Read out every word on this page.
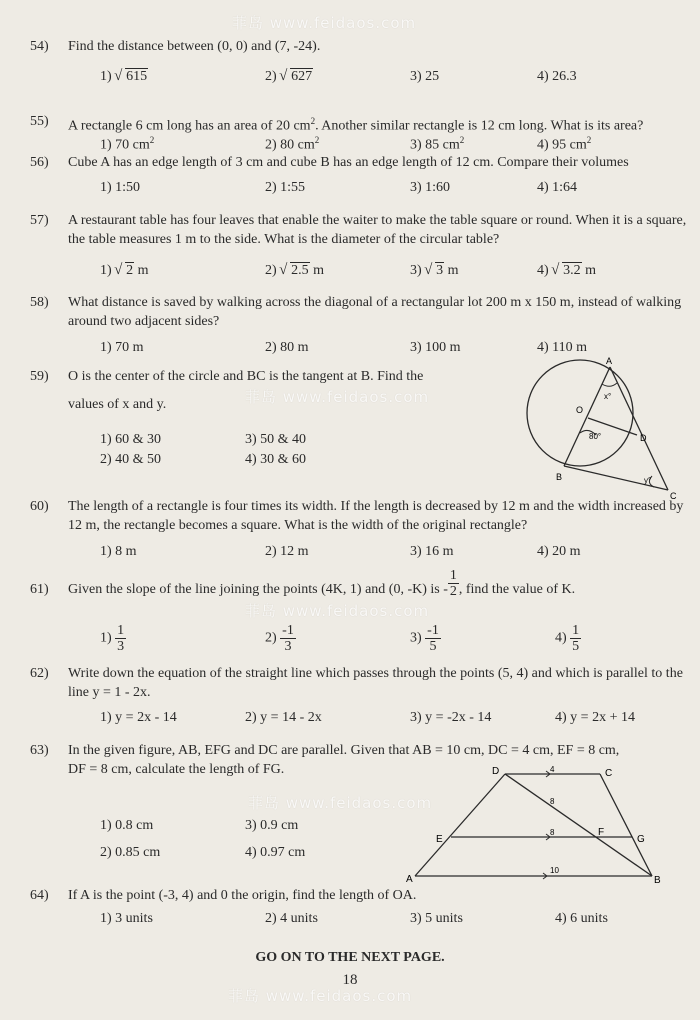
菲岛 www.feidaos.com
菲岛 www.feidaos.com
菲岛 www.feidaos.com
菲岛 www.feidaos.com
菲岛 www.feidaos.com
54) Find the distance between (0, 0) and (7, -24).
1) √ 615	2) √ 627	3) 25	4) 26.3
55) A rectangle 6 cm long has an area of 20 $cm^2$. Another similar rectangle is 12 cm long. What is its area?
1) 70 $cm^2$	2) 80 $cm^2$	3) 85 $cm^2$	4) 95 $cm^2$
56) Cube A has an edge length of 3 cm and cube B has an edge length of 12 cm. Compare their volumes
1) 1:50	2) 1:55	3) 1:60	4) 1:64
57) A restaurant table has four leaves that enable the waiter to make the table square or round. When it is a square, the table measures 1 m to the side. What is the diameter of the circular table?
1) √ 2 m	2) √ 2.5 m	3) √ 3 m	4) √ 3.2 m
58) What distance is saved by walking across the diagonal of a rectangular lot 200 m x 150 m, instead of walking around two adjacent sides?
1) 70 m	2) 80 m	3) 100 m	4) 110 m
59) O is the center of the circle and BC is the tangent at B. Find the
values of x and y.
1) 60 & 30	3) 50 & 40
2) 40 & 50	4) 30 & 60
A
O
D
B
C
x°
80°
y°
60) The length of a rectangle is four times its width. If the length is decreased by 12 m and the width increased by 12 m, the rectangle becomes a square. What is the width of the original rectangle?
1) 8 m	2) 12 m	3) 16 m	4) 20 m
61) Given the slope of the line joining the points (4K, 1) and (0, -K) is - $\frac{1}{2}$ , find the value of K.
$1) \frac{1}{3}$	$2) \frac{-1}{3}$	$3) \frac{-1}{5}$	$4) \frac{1}{5}$
62) Write down the equation of the straight line which passes through the points (5, 4) and which is parallel to the line y = 1 - 2x.
1) y = 2x - 14	2) y = 14 - 2x	3) y = -2x - 14	4) y = 2x + 14
63) In the given figure, AB, EFG and DC are parallel. Given that AB = 10 cm, DC = 4 cm, EF = 8 cm, DF = 8 cm, calculate the length of FG.
1) 0.8 cm	3) 0.9 cm
2) 0.85 cm	4) 0.97 cm
D	C
E
F
G
A	B
4
8
8
10
64) If A is the point (-3, 4) and 0 the origin, find the length of OA.
1) 3 units	2) 4 units	3) 5 units	4) 6 units
GO ON TO THE NEXT PAGE.
18
